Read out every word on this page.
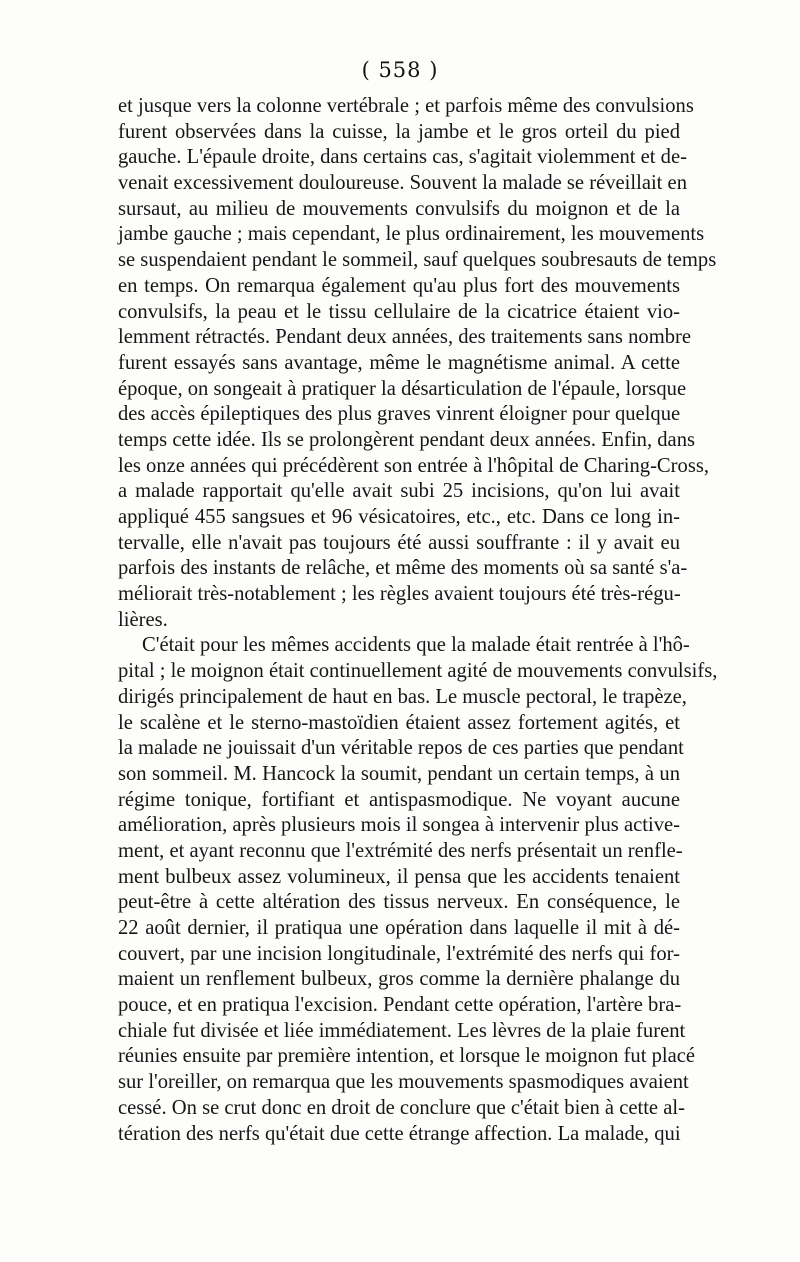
( 558 )
et jusque vers la colonne vertébrale ; et parfois même des convulsions
furent observées dans la cuisse, la jambe et le gros orteil du pied
gauche. L'épaule droite, dans certains cas, s'agitait violemment et de-
venait excessivement douloureuse. Souvent la malade se réveillait en
sursaut, au milieu de mouvements convulsifs du moignon et de la
jambe gauche ; mais cependant, le plus ordinairement, les mouvements
se suspendaient pendant le sommeil, sauf quelques soubresauts de temps
en temps. On remarqua également qu'au plus fort des mouvements
convulsifs, la peau et le tissu cellulaire de la cicatrice étaient vio-
lemment rétractés. Pendant deux années, des traitements sans nombre
furent essayés sans avantage, même le magnétisme animal. A cette
époque, on songeait à pratiquer la désarticulation de l'épaule, lorsque
des accès épileptiques des plus graves vinrent éloigner pour quelque
temps cette idée. Ils se prolongèrent pendant deux années. Enfin, dans
les onze années qui précédèrent son entrée à l'hôpital de Charing-Cross,
a malade rapportait qu'elle avait subi 25 incisions, qu'on lui avait
appliqué 455 sangsues et 96 vésicatoires, etc., etc. Dans ce long in-
tervalle, elle n'avait pas toujours été aussi souffrante : il y avait eu
parfois des instants de relâche, et même des moments où sa santé s'a-
méliorait très-notablement ; les règles avaient toujours été très-régu-
lières.
C'était pour les mêmes accidents que la malade était rentrée à l'hô-
pital ; le moignon était continuellement agité de mouvements convulsifs,
dirigés principalement de haut en bas. Le muscle pectoral, le trapèze,
le scalène et le sterno-mastoïdien étaient assez fortement agités, et
la malade ne jouissait d'un véritable repos de ces parties que pendant
son sommeil. M. Hancock la soumit, pendant un certain temps, à un
régime tonique, fortifiant et antispasmodique. Ne voyant aucune
amélioration, après plusieurs mois il songea à intervenir plus active-
ment, et ayant reconnu que l'extrémité des nerfs présentait un renfle-
ment bulbeux assez volumineux, il pensa que les accidents tenaient
peut-être à cette altération des tissus nerveux. En conséquence, le
22 août dernier, il pratiqua une opération dans laquelle il mit à dé-
couvert, par une incision longitudinale, l'extrémité des nerfs qui for-
maient un renflement bulbeux, gros comme la dernière phalange du
pouce, et en pratiqua l'excision. Pendant cette opération, l'artère bra-
chiale fut divisée et liée immédiatement. Les lèvres de la plaie furent
réunies ensuite par première intention, et lorsque le moignon fut placé
sur l'oreiller, on remarqua que les mouvements spasmodiques avaient
cessé. On se crut donc en droit de conclure que c'était bien à cette al-
tération des nerfs qu'était due cette étrange affection. La malade, qui
